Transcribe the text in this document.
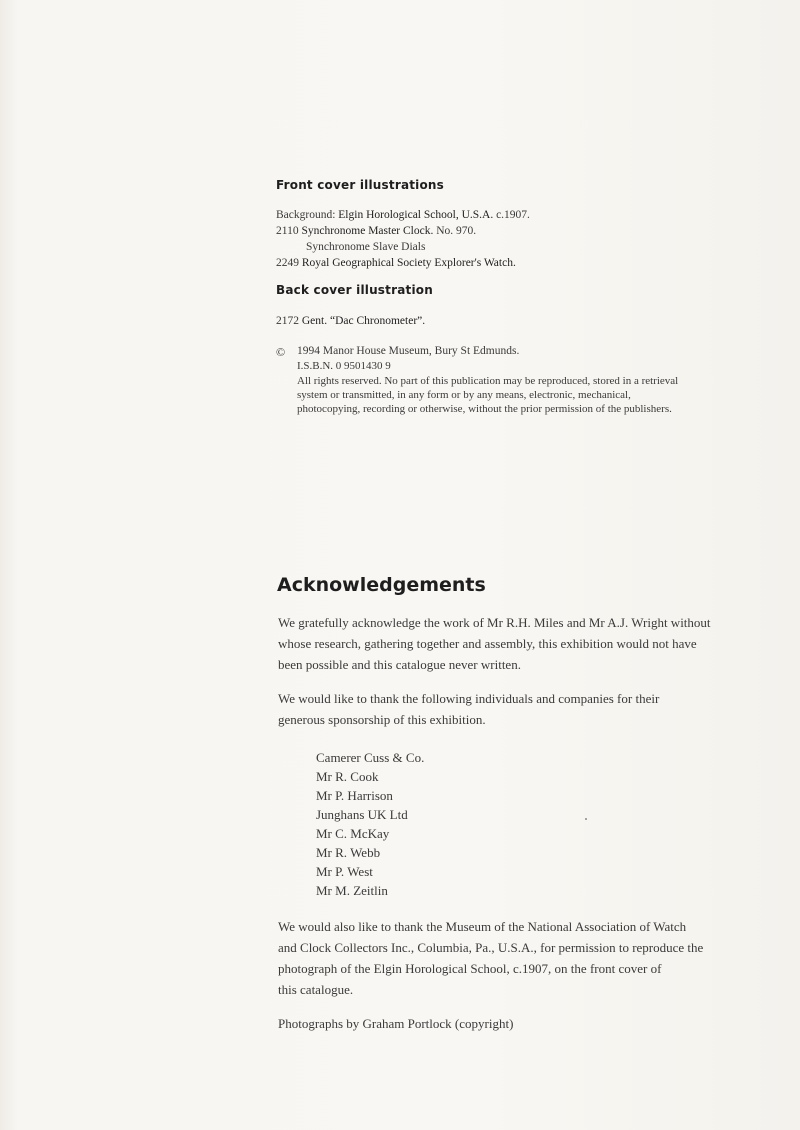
Front cover illustrations
Background: Elgin Horological School, U.S.A. c.1907.
2110 Synchronome Master Clock. No. 970.
Synchronome Slave Dials
2249 Royal Geographical Society Explorer's Watch.
Back cover illustration
2172 Gent. “Dac Chronometer”.
© 1994 Manor House Museum, Bury St Edmunds.
I.S.B.N. 0 9501430 9
All rights reserved. No part of this publication may be reproduced, stored in a retrieval
system or transmitted, in any form or by any means, electronic, mechanical,
photocopying, recording or otherwise, without the prior permission of the publishers.
Acknowledgements
We gratefully acknowledge the work of Mr R.H. Miles and Mr A.J. Wright without
whose research, gathering together and assembly, this exhibition would not have
been possible and this catalogue never written.
We would like to thank the following individuals and companies for their
generous sponsorship of this exhibition.
Camerer Cuss & Co.
Mr R. Cook
Mr P. Harrison
Junghans UK Ltd
Mr C. McKay
Mr R. Webb
Mr P. West
Mr M. Zeitlin
We would also like to thank the Museum of the National Association of Watch
and Clock Collectors Inc., Columbia, Pa., U.S.A., for permission to reproduce the
photograph of the Elgin Horological School, c.1907, on the front cover of
this catalogue.
Photographs by Graham Portlock (copyright)
